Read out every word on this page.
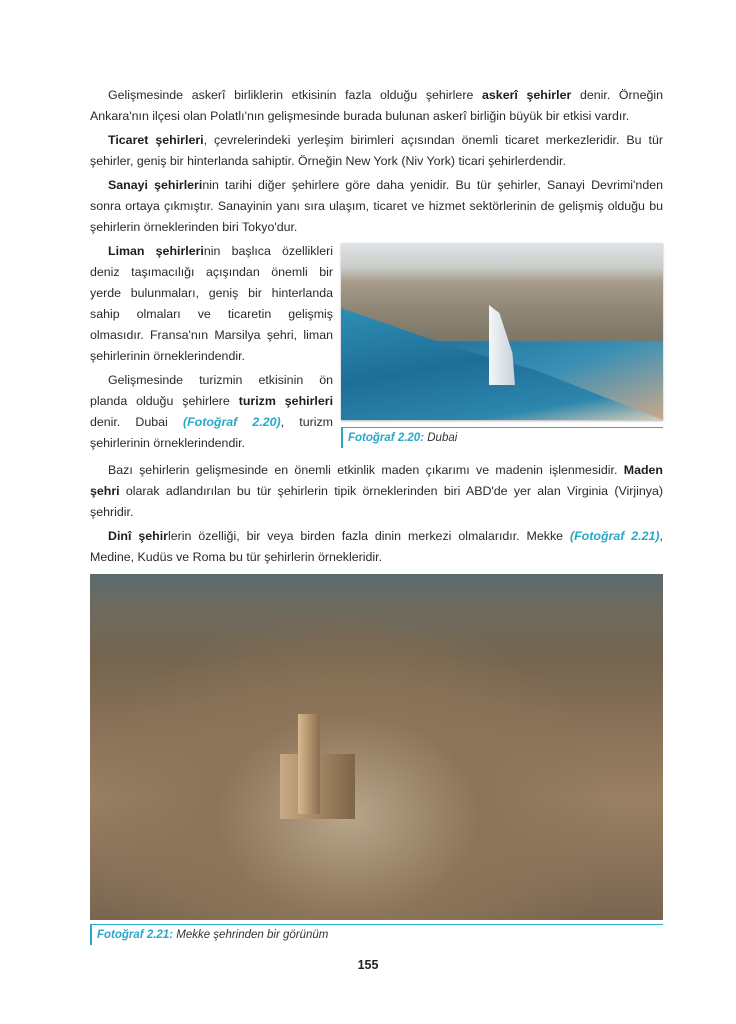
Gelişmesinde askerî birliklerin etkisinin fazla olduğu şehirlere askerî şehirler denir. Örneğin Ankara'nın ilçesi olan Polatlı'nın gelişmesinde burada bulunan askerî birliğin büyük bir etkisi vardır.

Ticaret şehirleri, çevrelerindeki yerleşim birimleri açısından önemli ticaret merkezleridir. Bu tür şehirler, geniş bir hinterlanda sahiptir. Örneğin New York (Niv York) ticari şehirlerdendir.

Sanayi şehirlerinin tarihi diğer şehirlere göre daha yenidir. Bu tür şehirler, Sanayi Devrimi'nden sonra ortaya çıkmıştır. Sanayinin yanı sıra ulaşım, ticaret ve hizmet sektörlerinin de gelişmiş olduğu bu şehirlerin örneklerinden biri Tokyo'dur.

Liman şehirlerinin başlıca özellikleri deniz taşımacılığı açışından önemli bir yerde bulunmaları, geniş bir hinterlanda sahip olmaları ve ticaretin gelişmiş olmasıdır. Fransa'nın Marsilya şehri, liman şehirlerinin örneklerindendir.

Gelişmesinde turizmin etkisinin ön planda olduğu şehirlere turizm şehirleri denir. Dubai (Fotoğraf 2.20), turizm şehirlerinin örneklerindendir.	Fotoğraf 2.20: Dubai

Bazı şehirlerin gelişmesinde en önemli etkinlik maden çıkarımı ve madenin işlenmesidir. Maden şehri olarak adlandırılan bu tür şehirlerin tipik örneklerinden biri ABD'de yer alan Virginia (Virjinya) şehridir.

Dinî şehirlerin özelliği, bir veya birden fazla dinin merkezi olmalarıdır. Mekke (Fotoğraf 2.21), Medine, Kudüs ve Roma bu tür şehirlerin örnekleridir.

Fotoğraf 2.21: Mekke şehrinden bir görünüm
155
